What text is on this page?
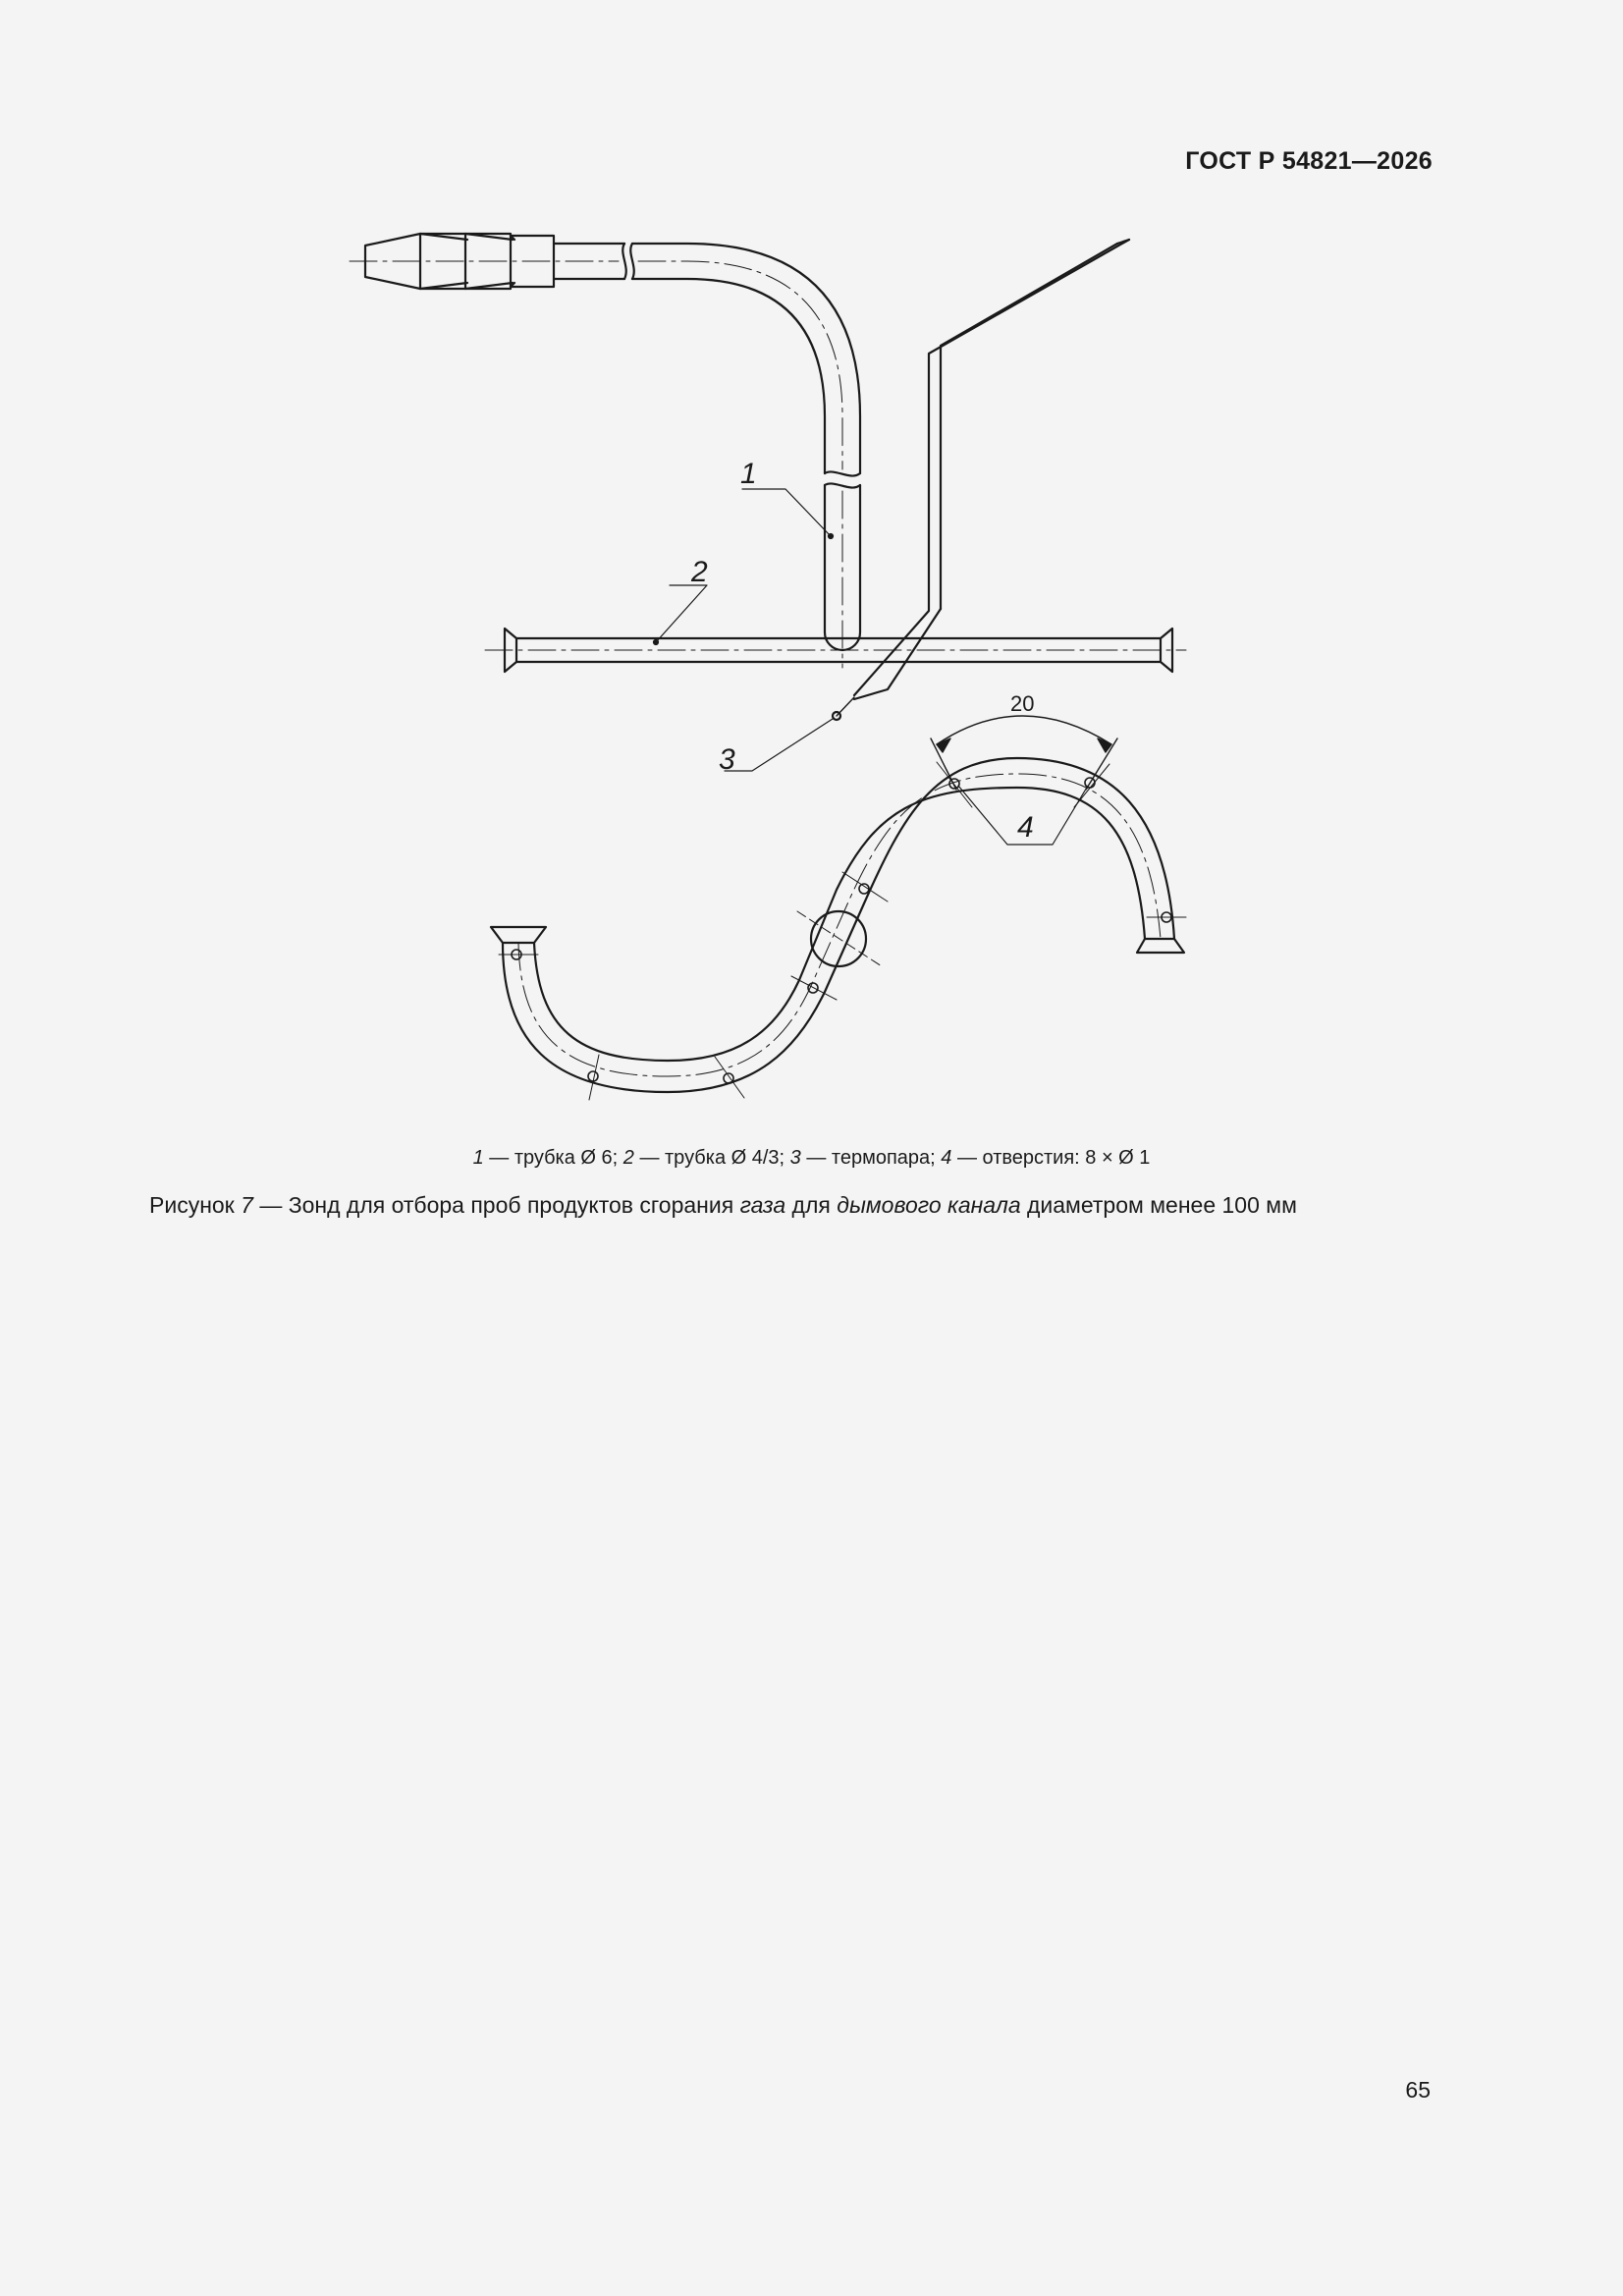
ГОСТ Р 54821—2026
20
1
2
3
4
1 — трубка Ø 6; 2 — трубка Ø 4/3; 3 — термопара; 4 — отверстия: 8 × Ø 1
Рисунок 7 — Зонд для отбора проб продуктов сгорания газа для дымового канала диаметром менее 100 мм
65
